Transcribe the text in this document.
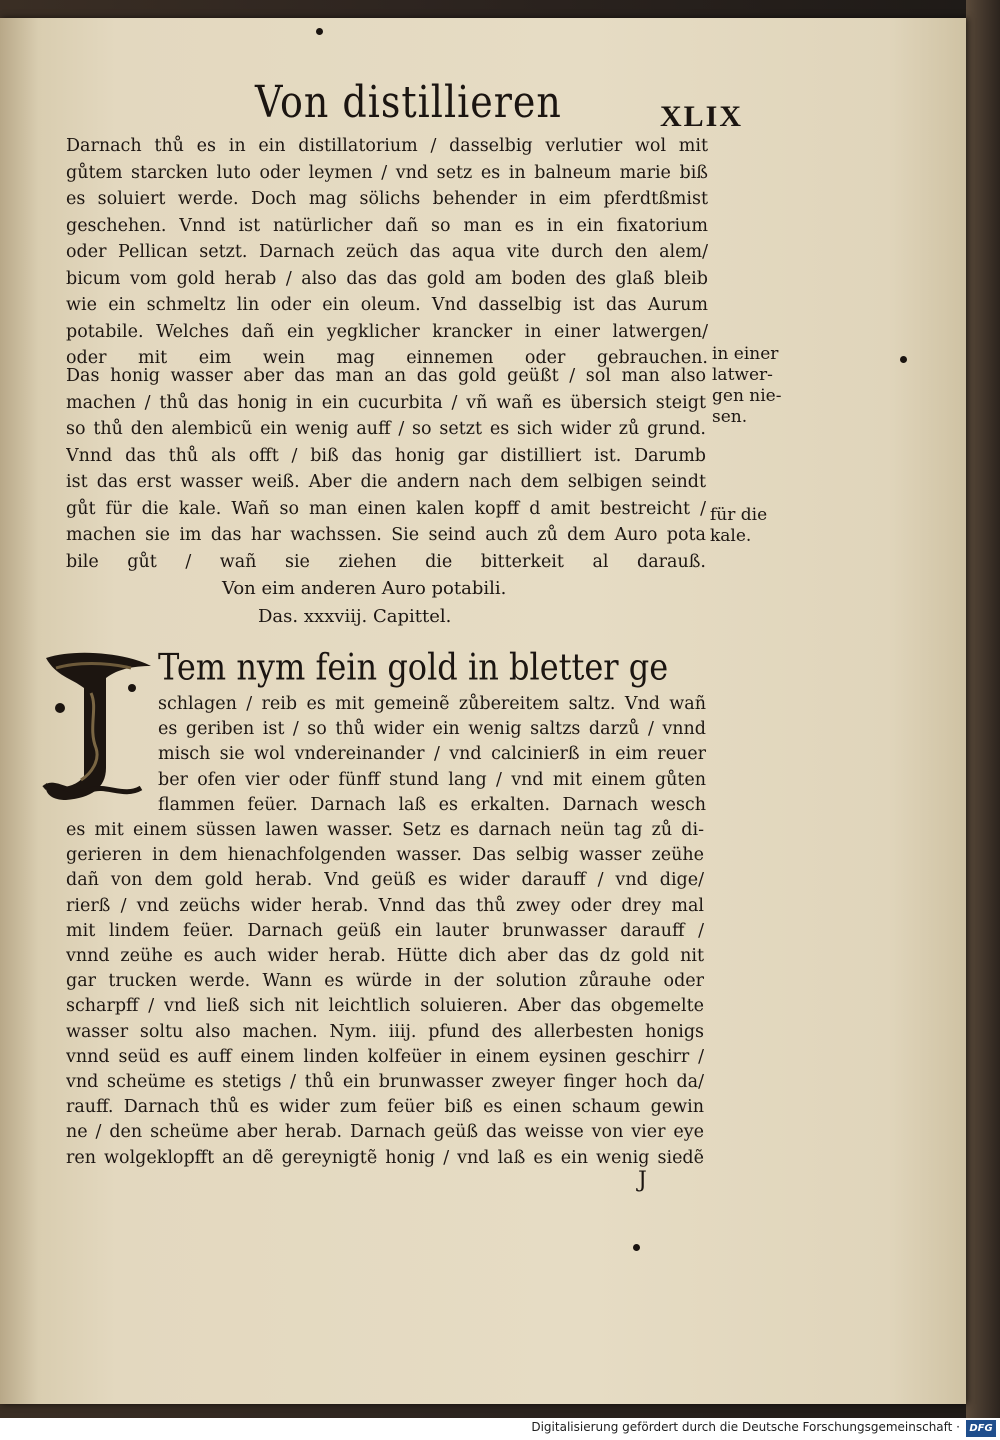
Von distillieren	XLIX
Darnach thů es in ein distillatorium / dasselbig verlutier wol mit
gůtem starcken luto oder leymen / vnd setz es in balneum marie biß
es soluiert werde. Doch mag sölichs behender in eim pferdtßmist
geschehen. Vnnd ist natürlicher dañ so man es in ein fixatorium
oder Pellican setzt. Darnach zeüch das aqua vite durch den alem/
bicum vom gold herab / also das das gold am boden des glaß bleib
wie ein schmeltz lin oder ein oleum. Vnd dasselbig ist das Aurum
potabile. Welches dañ ein yegklicher krancker in einer latwergen/
oder mit eim wein mag einnemen oder gebrauchen.
Das honig wasser aber das man an das gold geüßt / sol man also
machen / thů das honig in ein cucurbita / vñ wañ es übersich steigt
so thů den alembicũ ein wenig auff / so setzt es sich wider zů grund.
Vnnd das thů als offt / biß das honig gar distilliert ist. Darumb
ist das erst wasser weiß. Aber die andern nach dem selbigen seindt
gůt für die kale. Wañ so man einen kalen kopff d amit bestreicht /
machen sie im das har wachssen. Sie seind auch zů dem Auro pota
bile gůt / wañ sie ziehen die bitterkeit al darauß.
in einer
latwer-
gen nie-
sen.
für die
kale.
Von eim anderen Auro potabili.
Das. xxxviij. Capittel.
Tem nym fein gold in bletter ge
schlagen / reib es mit gemeinẽ zůbereitem saltz. Vnd wañ
es geriben ist / so thů wider ein wenig saltzs darzů / vnnd
misch sie wol vndereinander / vnd calcinierß in eim reuer
ber ofen vier oder fünff stund lang / vnd mit einem gůten
flammen feüer. Darnach laß es erkalten. Darnach wesch
es mit einem süssen lawen wasser. Setz es darnach neün tag zů di-
gerieren in dem hienachfolgenden wasser. Das selbig wasser zeühe
dañ von dem gold herab. Vnd geüß es wider darauff / vnd dige/
rierß / vnd zeüchs wider herab. Vnnd das thů zwey oder drey mal
mit lindem feüer. Darnach geüß ein lauter brunwasser darauff /
vnnd zeühe es auch wider herab. Hütte dich aber das dz gold nit
gar trucken werde. Wann es würde in der solution zůrauhe oder
scharpff / vnd ließ sich nit leichtlich soluieren. Aber das obgemelte
wasser soltu also machen. Nym. iiij. pfund des allerbesten honigs
vnnd seüd es auff einem linden kolfeüer in einem eysinen geschirr /
vnd scheüme es stetigs / thů ein brunwasser zweyer finger hoch da/
rauff. Darnach thů es wider zum feüer biß es einen schaum gewin
ne / den scheüme aber herab. Darnach geüß das weisse von vier eye
ren wolgeklopfft an dẽ gereynigtẽ honig / vnd laß es ein wenig siedẽ
J
Digitalisierung gefördert durch die Deutsche Forschungsgemeinschaft · DFG
